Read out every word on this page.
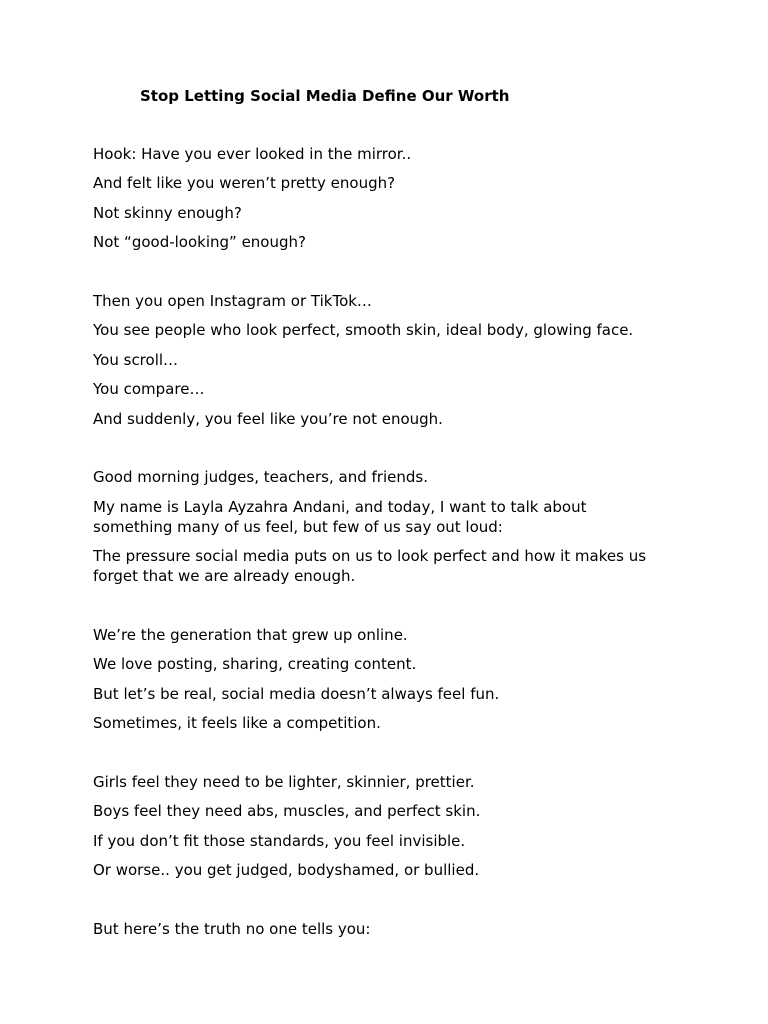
Stop Letting Social Media Define Our Worth
Hook: Have you ever looked in the mirror..
And felt like you weren’t pretty enough?
Not skinny enough?
Not “good-looking” enough?
Then you open Instagram or TikTok…
You see people who look perfect, smooth skin, ideal body, glowing face.
You scroll…
You compare…
And suddenly, you feel like you’re not enough.
Good morning judges, teachers, and friends.
My name is Layla Ayzahra Andani, and today, I want to talk about
something many of us feel, but few of us say out loud:
The pressure social media puts on us to look perfect and how it makes us
forget that we are already enough.
We’re the generation that grew up online.
We love posting, sharing, creating content.
But let’s be real, social media doesn’t always feel fun.
Sometimes, it feels like a competition.
Girls feel they need to be lighter, skinnier, prettier.
Boys feel they need abs, muscles, and perfect skin.
If you don’t fit those standards, you feel invisible.
Or worse.. you get judged, bodyshamed, or bullied.
But here’s the truth no one tells you:
